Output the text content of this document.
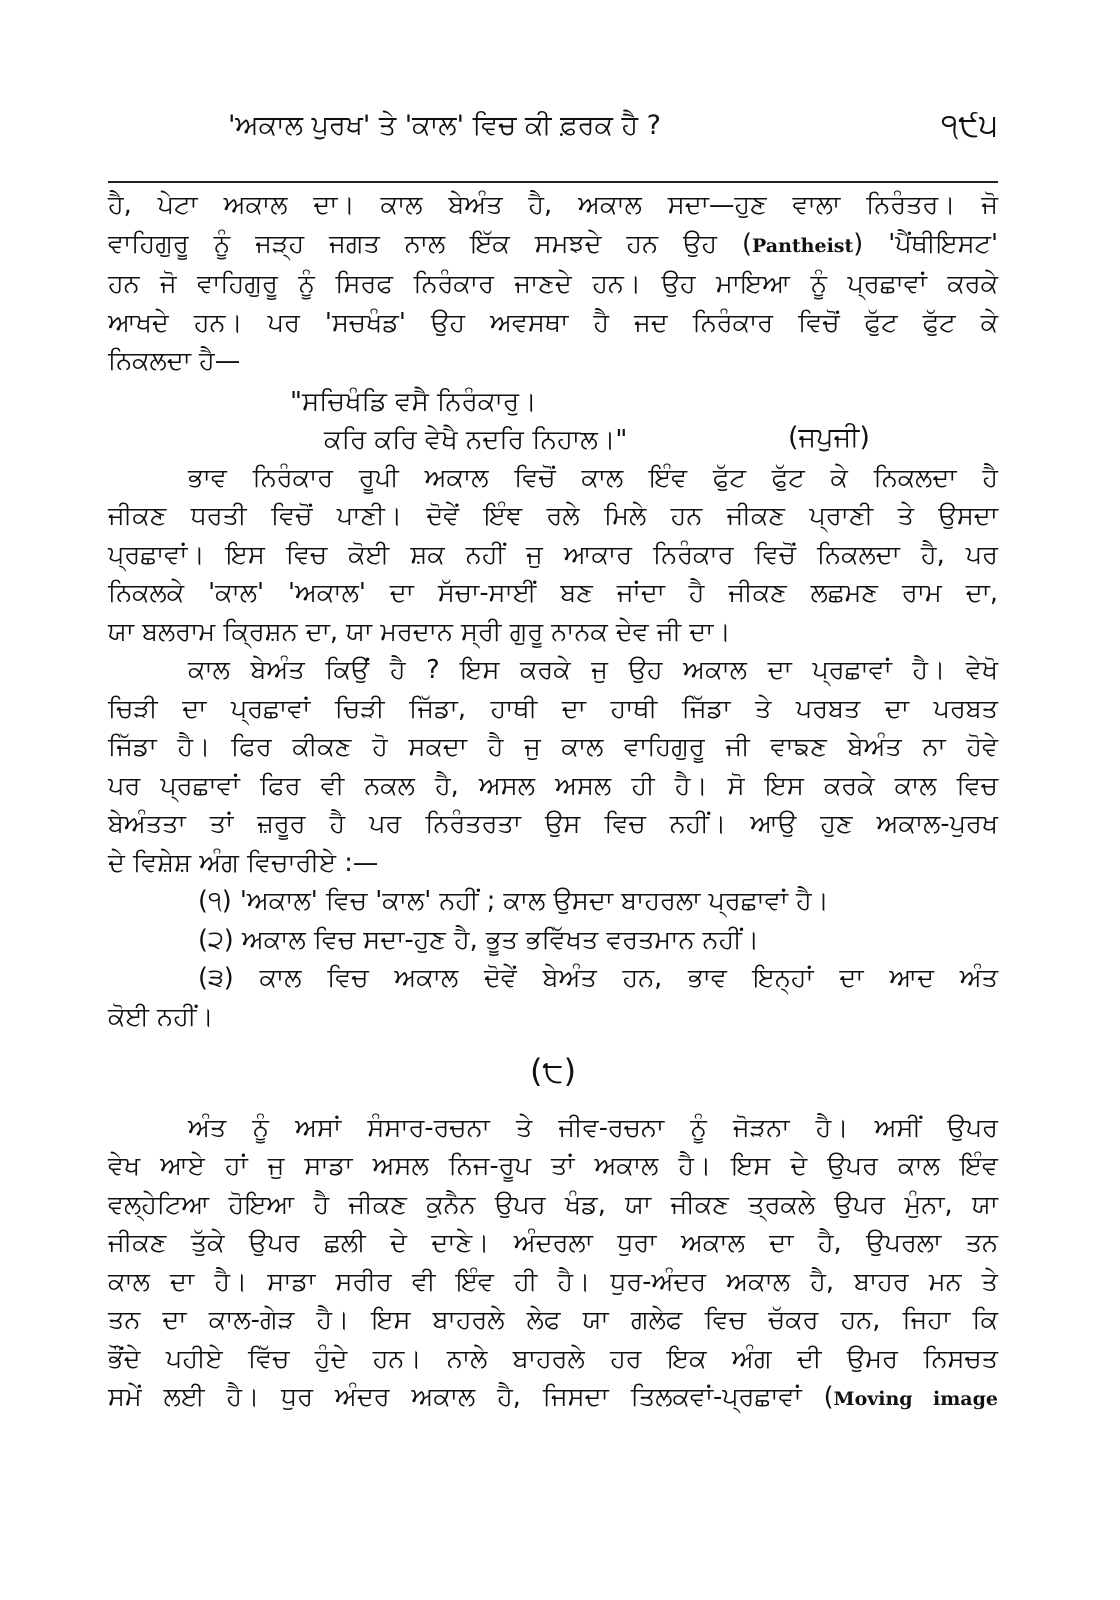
'ਅਕਾਲ ਪੁਰਖ' ਤੇ 'ਕਾਲ' ਵਿਚ ਕੀ ਫ਼ਰਕ ਹੈ ?	੧੯੫

ਹੈ, ਪੇਟਾ ਅਕਾਲ ਦਾ। ਕਾਲ ਬੇਅੰਤ ਹੈ, ਅਕਾਲ ਸਦਾ—ਹੁਣ ਵਾਲਾ ਨਿਰੰਤਰ। ਜੋ

ਵਾਹਿਗੁਰੂ ਨੂੰ ਜੜ੍ਹ ਜਗਤ ਨਾਲ ਇੱਕ ਸਮਝਦੇ ਹਨ ਉਹ (Pantheist) 'ਪੈਂਥੀਇਸਟ'

ਹਨ ਜੋ ਵਾਹਿਗੁਰੂ ਨੂੰ ਸਿਰਫ ਨਿਰੰਕਾਰ ਜਾਣਦੇ ਹਨ। ਉਹ ਮਾਇਆ ਨੂੰ ਪ੍ਰਛਾਵਾਂ ਕਰਕੇ

ਆਖਦੇ ਹਨ। ਪਰ 'ਸਚਖੰਡ' ਉਹ ਅਵਸਥਾ ਹੈ ਜਦ ਨਿਰੰਕਾਰ ਵਿਚੋਂ ਫੁੱਟ ਫੁੱਟ ਕੇ

ਨਿਕਲਦਾ ਹੈ—

"ਸਚਿਖੰਡਿ ਵਸੈ ਨਿਰੰਕਾਰੁ।
ਕਰਿ ਕਰਿ ਵੇਖੈ ਨਦਰਿ ਨਿਹਾਲ।"	(ਜਪੁਜੀ)

ਭਾਵ ਨਿਰੰਕਾਰ ਰੂਪੀ ਅਕਾਲ ਵਿਚੋਂ ਕਾਲ ਇੰਵ ਫੁੱਟ ਫੁੱਟ ਕੇ ਨਿਕਲਦਾ ਹੈ

ਜੀਕਣ ਧਰਤੀ ਵਿਚੋਂ ਪਾਣੀ। ਦੋਵੇਂ ਇੰਞ ਰਲੇ ਮਿਲੇ ਹਨ ਜੀਕਣ ਪ੍ਰਾਣੀ ਤੇ ਉਸਦਾ

ਪ੍ਰਛਾਵਾਂ। ਇਸ ਵਿਚ ਕੋਈ ਸ਼ਕ ਨਹੀਂ ਜੁ ਆਕਾਰ ਨਿਰੰਕਾਰ ਵਿਚੋਂ ਨਿਕਲਦਾ ਹੈ, ਪਰ

ਨਿਕਲਕੇ 'ਕਾਲ' 'ਅਕਾਲ' ਦਾ ਸੱਚਾ-ਸਾਈਂ ਬਣ ਜਾਂਦਾ ਹੈ ਜੀਕਣ ਲਛਮਣ ਰਾਮ ਦਾ,

ਯਾ ਬਲਰਾਮ ਕ੍ਰਿਸ਼ਨ ਦਾ, ਯਾ ਮਰਦਾਨ ਸ੍ਰੀ ਗੁਰੂ ਨਾਨਕ ਦੇਵ ਜੀ ਦਾ।

ਕਾਲ ਬੇਅੰਤ ਕਿਉਂ ਹੈ ? ਇਸ ਕਰਕੇ ਜੁ ਉਹ ਅਕਾਲ ਦਾ ਪ੍ਰਛਾਵਾਂ ਹੈ। ਵੇਖੋ

ਚਿੜੀ ਦਾ ਪ੍ਰਛਾਵਾਂ ਚਿੜੀ ਜਿੱਡਾ, ਹਾਥੀ ਦਾ ਹਾਥੀ ਜਿੱਡਾ ਤੇ ਪਰਬਤ ਦਾ ਪਰਬਤ

ਜਿੱਡਾ ਹੈ। ਫਿਰ ਕੀਕਣ ਹੋ ਸਕਦਾ ਹੈ ਜੁ ਕਾਲ ਵਾਹਿਗੁਰੂ ਜੀ ਵਾਙਣ ਬੇਅੰਤ ਨਾ ਹੋਵੇ

ਪਰ ਪ੍ਰਛਾਵਾਂ ਫਿਰ ਵੀ ਨਕਲ ਹੈ, ਅਸਲ ਅਸਲ ਹੀ ਹੈ। ਸੋ ਇਸ ਕਰਕੇ ਕਾਲ ਵਿਚ

ਬੇਅੰਤਤਾ ਤਾਂ ਜ਼ਰੂਰ ਹੈ ਪਰ ਨਿਰੰਤਰਤਾ ਉਸ ਵਿਚ ਨਹੀਂ। ਆਉ ਹੁਣ ਅਕਾਲ-ਪੁਰਖ

ਦੇ ਵਿਸ਼ੇਸ਼ ਅੰਗ ਵਿਚਾਰੀਏ :—

(੧) 'ਅਕਾਲ' ਵਿਚ 'ਕਾਲ' ਨਹੀਂ ; ਕਾਲ ਉਸਦਾ ਬਾਹਰਲਾ ਪ੍ਰਛਾਵਾਂ ਹੈ।

(੨) ਅਕਾਲ ਵਿਚ ਸਦਾ-ਹੁਣ ਹੈ, ਭੂਤ ਭਵਿੱਖਤ ਵਰਤਮਾਨ ਨਹੀਂ।

(੩) ਕਾਲ ਵਿਚ ਅਕਾਲ ਦੋਵੇਂ ਬੇਅੰਤ ਹਨ, ਭਾਵ ਇਨ੍ਹਾਂ ਦਾ ਆਦ ਅੰਤ

ਕੋਈ ਨਹੀਂ।

(੮)

ਅੰਤ ਨੂੰ ਅਸਾਂ ਸੰਸਾਰ-ਰਚਨਾ ਤੇ ਜੀਵ-ਰਚਨਾ ਨੂੰ ਜੋੜਨਾ ਹੈ। ਅਸੀਂ ਉਪਰ

ਵੇਖ ਆਏ ਹਾਂ ਜੁ ਸਾਡਾ ਅਸਲ ਨਿਜ-ਰੂਪ ਤਾਂ ਅਕਾਲ ਹੈ। ਇਸ ਦੇ ਉਪਰ ਕਾਲ ਇੰਵ

ਵਲ੍ਹੇਟਿਆ ਹੋਇਆ ਹੈ ਜੀਕਣ ਕੁਨੈਨ ਉਪਰ ਖੰਡ, ਯਾ ਜੀਕਣ ਤ੍ਰਕਲੇ ਉਪਰ ਮੁੰਨਾ, ਯਾ

ਜੀਕਣ ਤੁੱਕੇ ਉਪਰ ਛਲੀ ਦੇ ਦਾਣੇ। ਅੰਦਰਲਾ ਧੁਰਾ ਅਕਾਲ ਦਾ ਹੈ, ਉਪਰਲਾ ਤਨ

ਕਾਲ ਦਾ ਹੈ। ਸਾਡਾ ਸਰੀਰ ਵੀ ਇੰਵ ਹੀ ਹੈ। ਧੁਰ-ਅੰਦਰ ਅਕਾਲ ਹੈ, ਬਾਹਰ ਮਨ ਤੇ

ਤਨ ਦਾ ਕਾਲ-ਗੇੜ ਹੈ। ਇਸ ਬਾਹਰਲੇ ਲੇਫ ਯਾ ਗਲੇਫ ਵਿਚ ਚੱਕਰ ਹਨ, ਜਿਹਾ ਕਿ

ਭੌਂਦੇ ਪਹੀਏ ਵਿੱਚ ਹੁੰਦੇ ਹਨ। ਨਾਲੇ ਬਾਹਰਲੇ ਹਰ ਇਕ ਅੰਗ ਦੀ ਉਮਰ ਨਿਸਚਤ

ਸਮੇਂ ਲਈ ਹੈ। ਧੁਰ ਅੰਦਰ ਅਕਾਲ ਹੈ, ਜਿਸਦਾ ਤਿਲਕਵਾਂ-ਪ੍ਰਛਾਵਾਂ (Moving image
